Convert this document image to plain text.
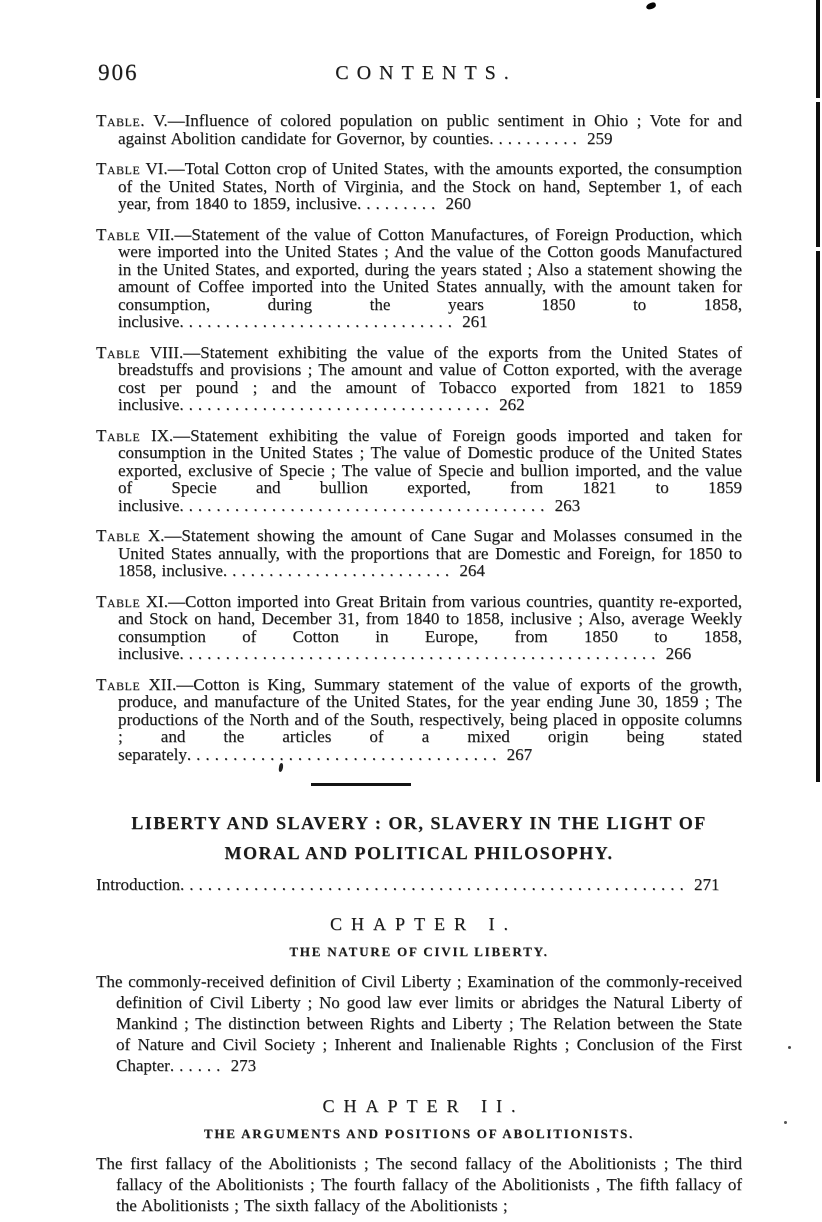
906	CONTENTS.

Table. V.—Influence of colored population on public sentiment in Ohio ; Vote for and against Abolition candidate for Governor, by counties.......... 259

Table VI.—Total Cotton crop of United States, with the amounts exported, the consumption of the United States, North of Virginia, and the Stock on hand, September 1, of each year, from 1840 to 1859, inclusive......... 260

Table VII.—Statement of the value of Cotton Manufactures, of Foreign Production, which were imported into the United States ; And the value of the Cotton goods Manufactured in the United States, and exported, during the years stated ; Also a statement showing the amount of Coffee imported into the United States annually, with the amount taken for consumption, during the years 1850 to 1858, inclusive.............................. 261

Table VIII.—Statement exhibiting the value of the exports from the United States of breadstuffs and provisions ; The amount and value of Cotton exported, with the average cost per pound ; and the amount of Tobacco exported from 1821 to 1859 inclusive.................................. 262

Table IX.—Statement exhibiting the value of Foreign goods imported and taken for consumption in the United States ; The value of Domestic produce of the United States exported, exclusive of Specie ; The value of Specie and bullion imported, and the value of Specie and bullion exported, from 1821 to 1859 inclusive........................................ 263

Table X.—Statement showing the amount of Cane Sugar and Molasses consumed in the United States annually, with the proportions that are Domestic and Foreign, for 1850 to 1858, inclusive......................... 264

Table XI.—Cotton imported into Great Britain from various countries, quantity re-exported, and Stock on hand, December 31, from 1840 to 1858, inclusive ; Also, average Weekly consumption of Cotton in Europe, from 1850 to 1858, inclusive.................................................... 266

Table XII.—Cotton is King, Summary statement of the value of exports of the growth, produce, and manufacture of the United States, for the year ending June 30, 1859 ; The productions of the North and of the South, respectively, being placed in opposite columns ; and the articles of a mixed origin being stated separately.................................. 267

LIBERTY AND SLAVERY : OR, SLAVERY IN THE LIGHT OF
MORAL AND POLITICAL PHILOSOPHY.

Introduction....................................................... 271

CHAPTER I.
THE NATURE OF CIVIL LIBERTY.

The commonly-received definition of Civil Liberty ; Examination of the commonly-received definition of Civil Liberty ; No good law ever limits or abridges the Natural Liberty of Mankind ; The distinction between Rights and Liberty ; The Relation between the State of Nature and Civil Society ; Inherent and Inalienable Rights ; Conclusion of the First Chapter...... 273

CHAPTER II.
THE ARGUMENTS AND POSITIONS OF ABOLITIONISTS.

The first fallacy of the Abolitionists ; The second fallacy of the Abolitionists ; The third fallacy of the Abolitionists ; The fourth fallacy of the Abolitionists , The fifth fallacy of the Abolitionists ; The sixth fallacy of the Abolitionists ;
